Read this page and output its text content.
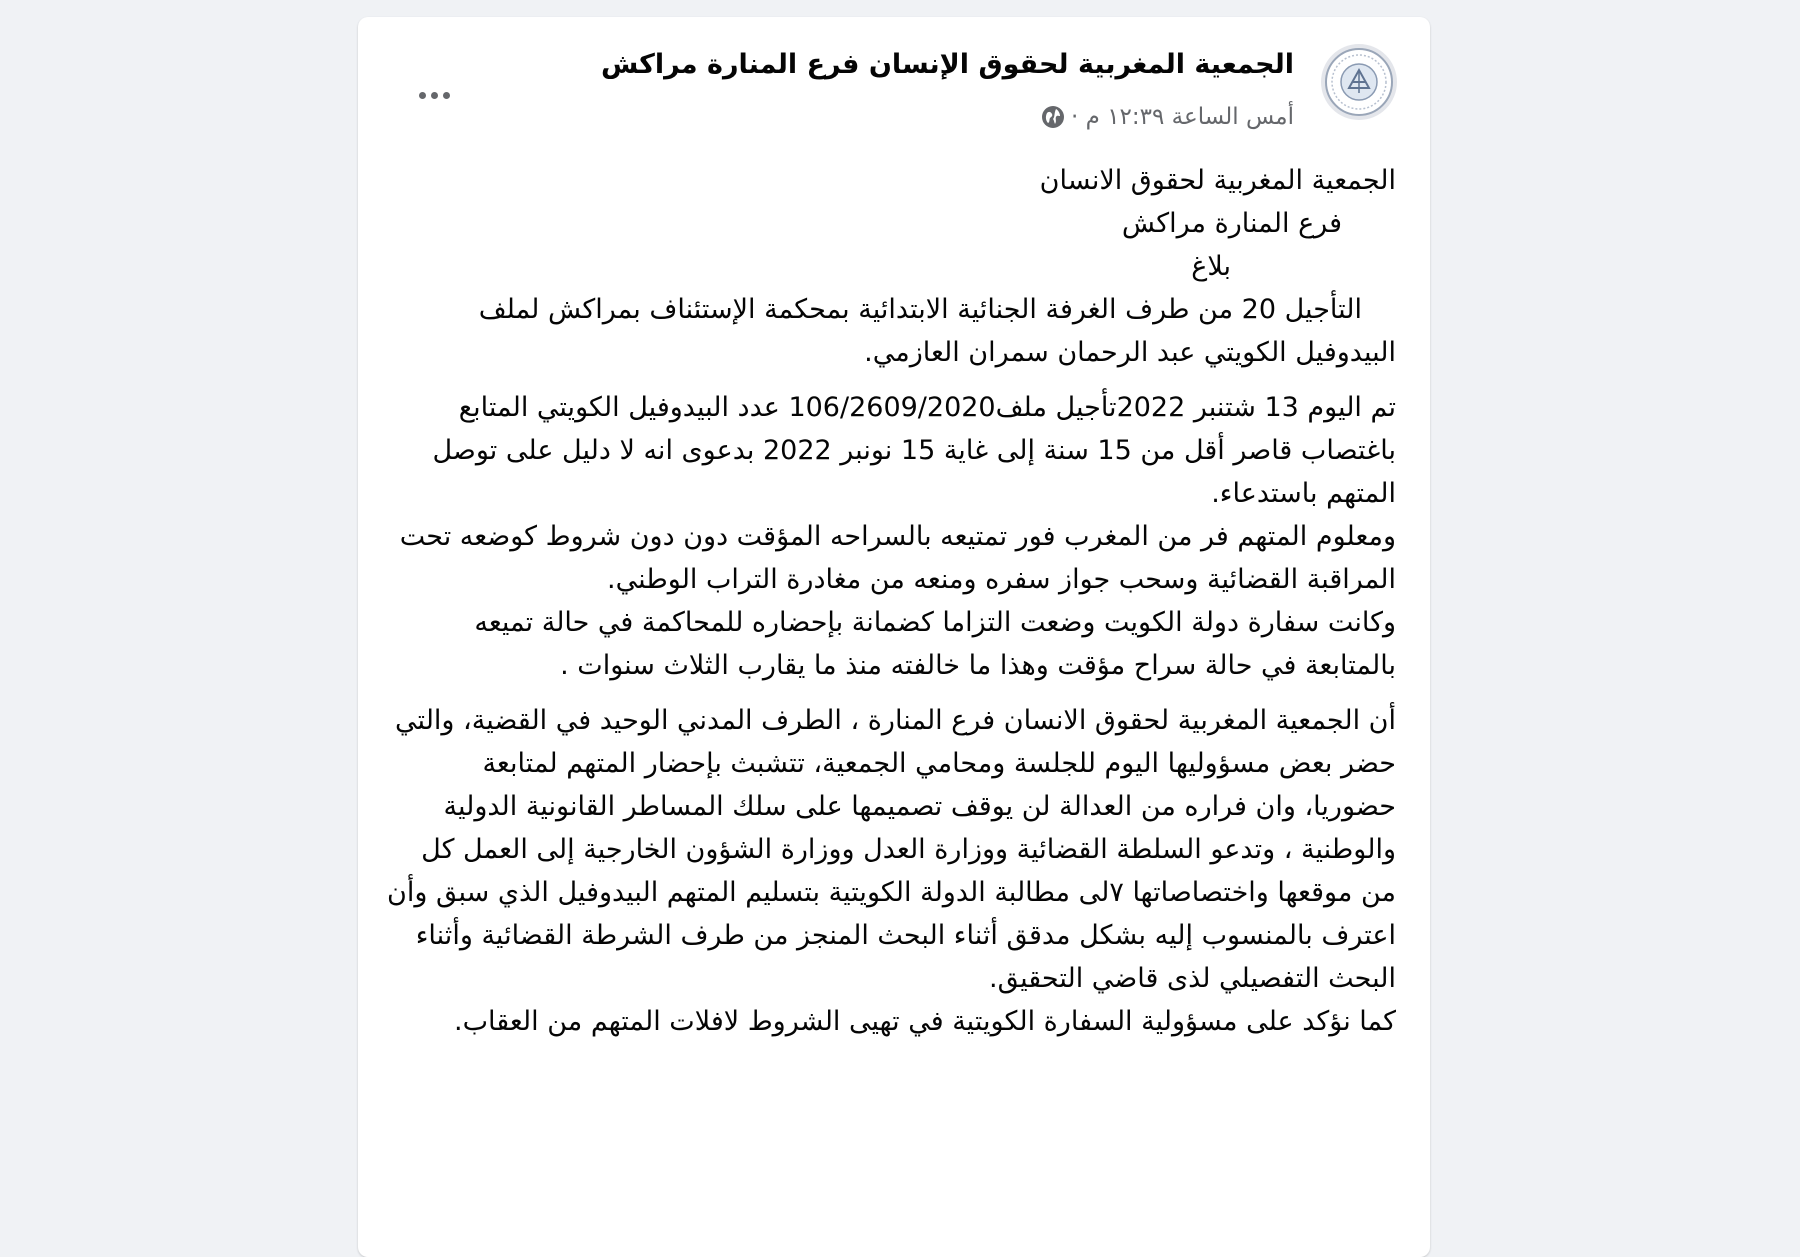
الجمعية المغربية لحقوق الإنسان فرع المنارة مراكش
أمس الساعة ١٢:٣٩ م ·

الجمعية المغربية لحقوق الانسان

فرع المنارة مراكش

بلاغ

التأجيل 20 من طرف الغرفة الجنائية الابتدائية بمحكمة الإستئناف بمراكش لملف البيدوفيل الكويتي عبد الرحمان سمران العازمي.

تم اليوم 13 شتنبر 2022تأجيل ملف106/2609/2020 عدد البيدوفيل الكويتي المتابع باغتصاب قاصر أقل من 15 سنة إلى غاية 15 نونبر 2022 بدعوى انه لا دليل على توصل المتهم باستدعاء.

ومعلوم المتهم فر من المغرب فور تمتيعه بالسراحه المؤقت دون دون شروط كوضعه تحت المراقبة القضائية وسحب جواز سفره ومنعه من مغادرة التراب الوطني.

وكانت سفارة دولة الكويت وضعت التزاما كضمانة بإحضاره للمحاكمة في حالة تميعه بالمتابعة في حالة سراح مؤقت وهذا ما خالفته منذ ما يقارب الثلاث سنوات .

أن الجمعية المغربية لحقوق الانسان فرع المنارة ، الطرف المدني الوحيد في القضية، والتي حضر بعض مسؤوليها اليوم للجلسة ومحامي الجمعية، تتشبث بإحضار المتهم لمتابعة حضوريا، وان فراره من العدالة لن يوقف تصميمها على سلك المساطر القانونية الدولية والوطنية ، وتدعو السلطة القضائية ووزارة العدل ووزارة الشؤون الخارجية إلى العمل كل من موقعها واختصاصاتها ٧لى مطالبة الدولة الكويتية بتسليم المتهم البيدوفيل الذي سبق وأن اعترف بالمنسوب إليه بشكل مدقق أثناء البحث المنجز من طرف الشرطة القضائية وأثناء البحث التفصيلي لذى قاضي التحقيق.

كما نؤكد على مسؤولية السفارة الكويتية في تهيى الشروط لافلات المتهم من العقاب.
